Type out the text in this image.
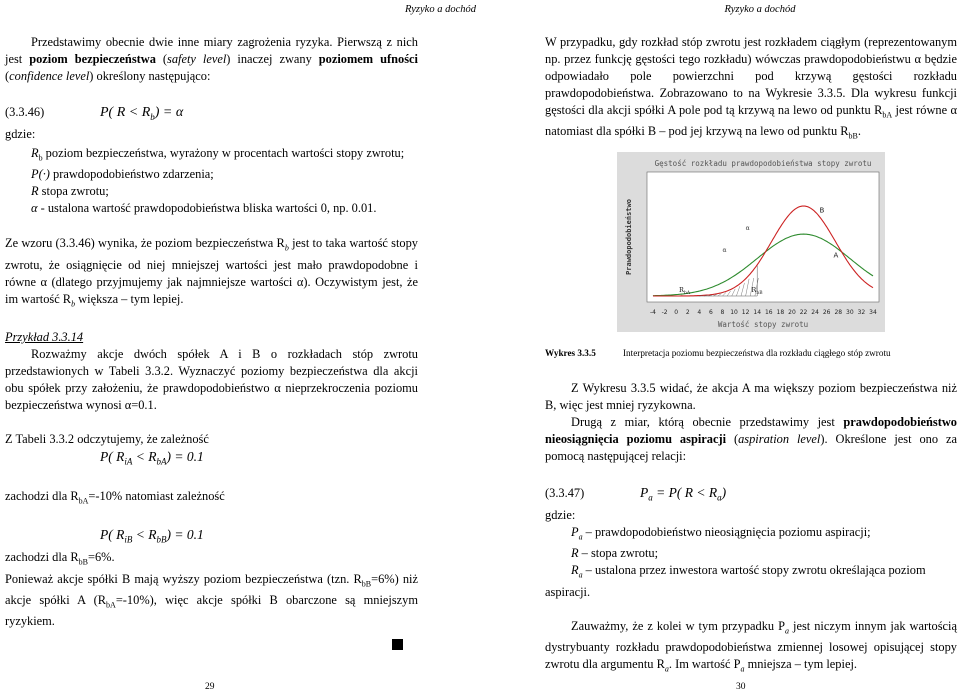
Ryzyko a dochód

Przedstawimy obecnie dwie inne miary zagrożenia ryzyka. Pierwszą z nich jest poziom bezpieczeństwa (safety level) inaczej zwany poziomem ufności (confidence level) określony następująco:

(3.3.46)	P( $R < R_b) = \alpha$

gdzie:

$R_b$ poziom bezpieczeństwa, wyrażony w procentach wartości stopy zwrotu;

P(·) prawdopodobieństwo zdarzenia;

R stopa zwrotu;

α - ustalona wartość prawdopodobieństwa bliska wartości 0, np. 0.01.

Ze wzoru (3.3.46) wynika, że poziom bezpieczeństwa $R_b$ jest to taka wartość stopy zwrotu, że osiągnięcie od niej mniejszej wartości jest mało prawdopodobne i równe α (dlatego przyjmujemy jak najmniejsze wartości α). Oczywistym jest, że im wartość $R_b$ większa – tym lepiej.

Przykład 3.3.14

Rozważmy akcje dwóch spółek A i B o rozkładach stóp zwrotu przedstawionych w Tabeli 3.3.2. Wyznaczyć poziomy bezpieczeństwa dla akcji obu spółek przy założeniu, że prawdopodobieństwo α nieprzekroczenia poziomu bezpieczeństwa wynosi α=0.1.

Z Tabeli 3.3.2 odczytujemy, że zależność

P( $R_{iA} < R_{bA}) = 0.1$

zachodzi dla $R_{bA}=-10\%$ natomiast zależność

P( $R_{iB} < R_{bB}) = 0.1$

zachodzi dla $R_{bB}=6\%$.

Ponieważ akcje spółki B mają wyższy poziom bezpieczeństwa (tzn. $R_{bB}=6\%$) niż akcje spółki A $(R_{bA}=-10\%)$, więc akcje spółki B obarczone są mniejszym ryzykiem.

29
Ryzyko a dochód
30

W przypadku, gdy rozkład stóp zwrotu jest rozkładem ciągłym (reprezentowanym np. przez funkcję gęstości tego rozkładu) wówczas prawdopodobieństwu α będzie odpowiadało pole powierzchni pod krzywą gęstości rozkładu prawdopodobieństwa. Zobrazowano to na Wykresie 3.3.5. Dla wykresu funkcji gęstości dla akcji spółki A pole pod tą krzywą na lewo od punktu $R_{bA}$ jest równe α natomiast dla spółki B – pod jej krzywą na lewo od punktu $R_{bB}$.

Gęstość rozkładu prawdopodobieństwa stopy zwrotu
Prawdopodobieństwo
Wartość stopy zwrotu
-4 -2 0 2 4 6 8 10 12 14 16 18 20 22 24 26 28 30 32 34
A
B
α
α
R bA	R bB
Wykres 3.3.5	Interpretacja poziomu bezpieczeństwa dla rozkładu ciągłego stóp zwrotu

Z Wykresu 3.3.5 widać, że akcja A ma większy poziom bezpieczeństwa niż B, więc jest mniej ryzykowna.

Drugą z miar, którą obecnie przedstawimy jest prawdopodobieństwo nieosiągnięcia poziomu aspiracji (aspiration level). Określone jest ono za pomocą następującej relacji:

(3.3.47)	$P_a = P$( $R < R_a$)

gdzie:

$P_a$ – prawdopodobieństwo nieosiągnięcia poziomu aspiracji;

R – stopa zwrotu;

$R_a$ – ustalona przez inwestora wartość stopy zwrotu określająca poziom aspiracji.

Zauważmy, że z kolei w tym przypadku $P_a$ jest niczym innym jak wartością dystrybuanty rozkładu prawdopodobieństwa zmiennej losowej opisującej stopy zwrotu dla argumentu $R_a$. Im wartość $P_a$ mniejsza – tym lepiej.
